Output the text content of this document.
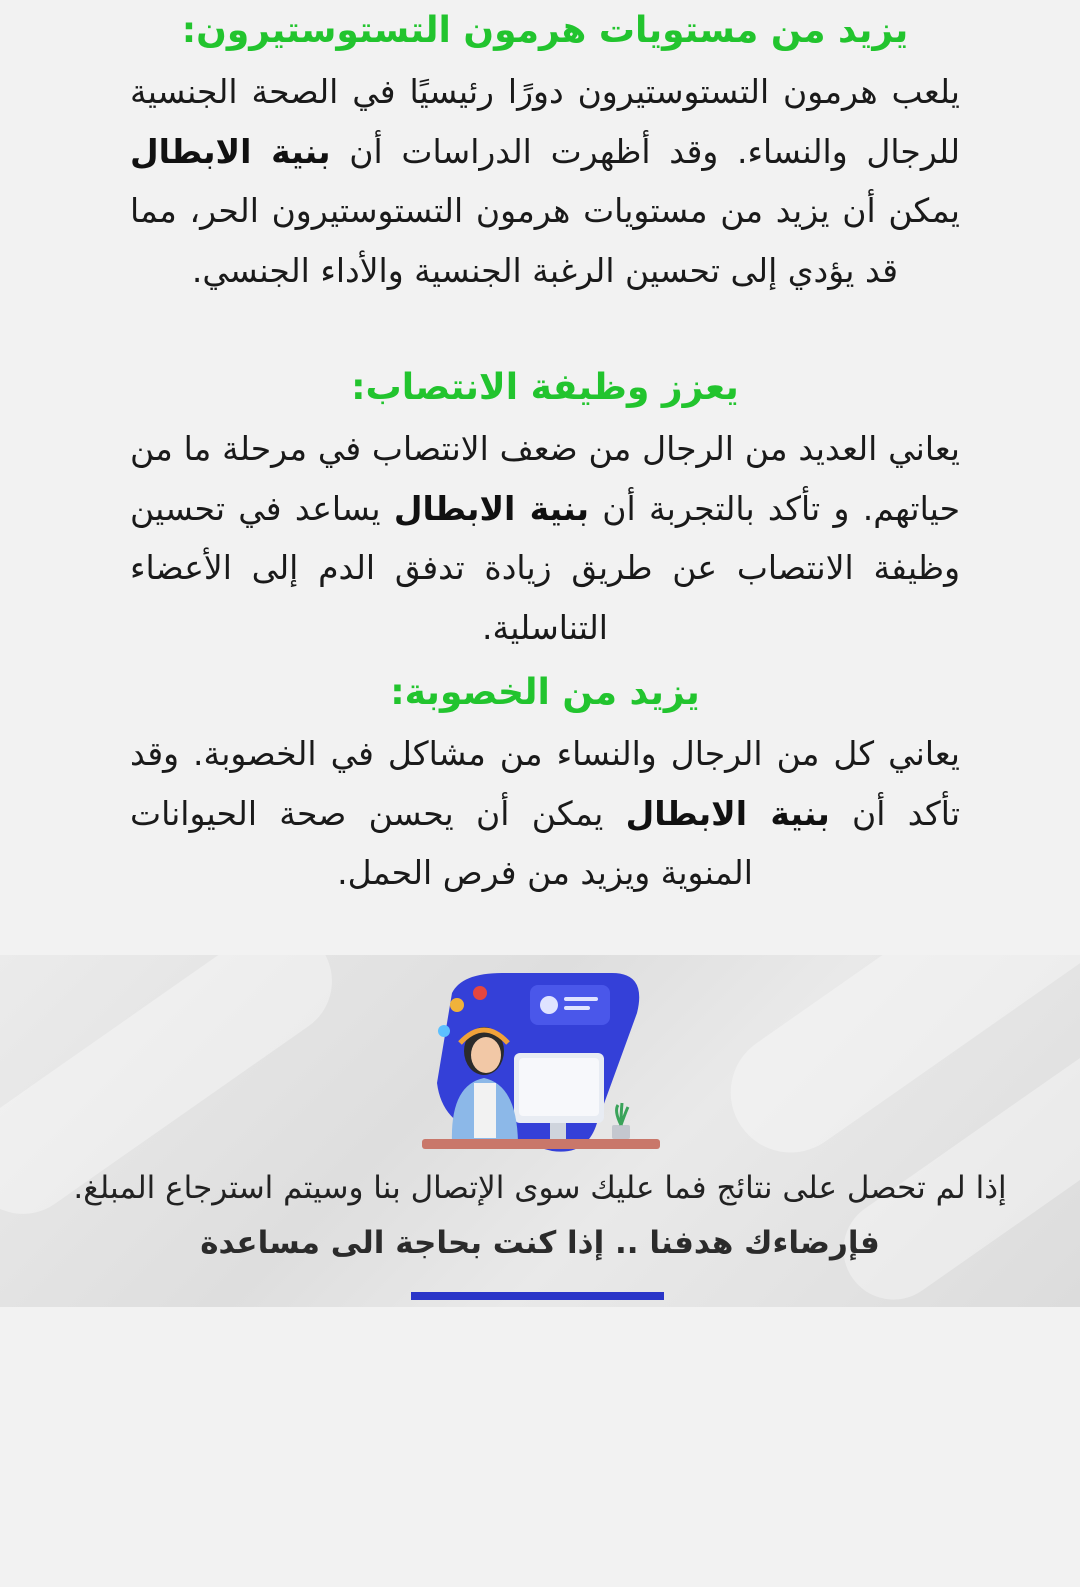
يزيد من مستويات هرمون التستوستيرون:

يلعب هرمون التستوستيرون دورًا رئيسيًا في الصحة الجنسية للرجال والنساء. وقد أظهرت الدراسات أن بنية الابطال يمكن أن يزيد من مستويات هرمون التستوستيرون الحر، مما قد يؤدي إلى تحسين الرغبة الجنسية والأداء الجنسي.

يعزز وظيفة الانتصاب:

يعاني العديد من الرجال من ضعف الانتصاب في مرحلة ما من حياتهم. و تأكد بالتجربة أن بنية الابطال يساعد في تحسين وظيفة الانتصاب عن طريق زيادة تدفق الدم إلى الأعضاء التناسلية.

يزيد من الخصوبة:

يعاني كل من الرجال والنساء من مشاكل في الخصوبة. وقد تأكد أن بنية الابطال يمكن أن يحسن صحة الحيوانات المنوية ويزيد من فرص الحمل.

إذا لم تحصل على نتائج فما عليك سوى الإتصال بنا وسيتم استرجاع المبلغ.
فإرضاءك هدفنا .. إذا كنت بحاجة الى مساعدة
